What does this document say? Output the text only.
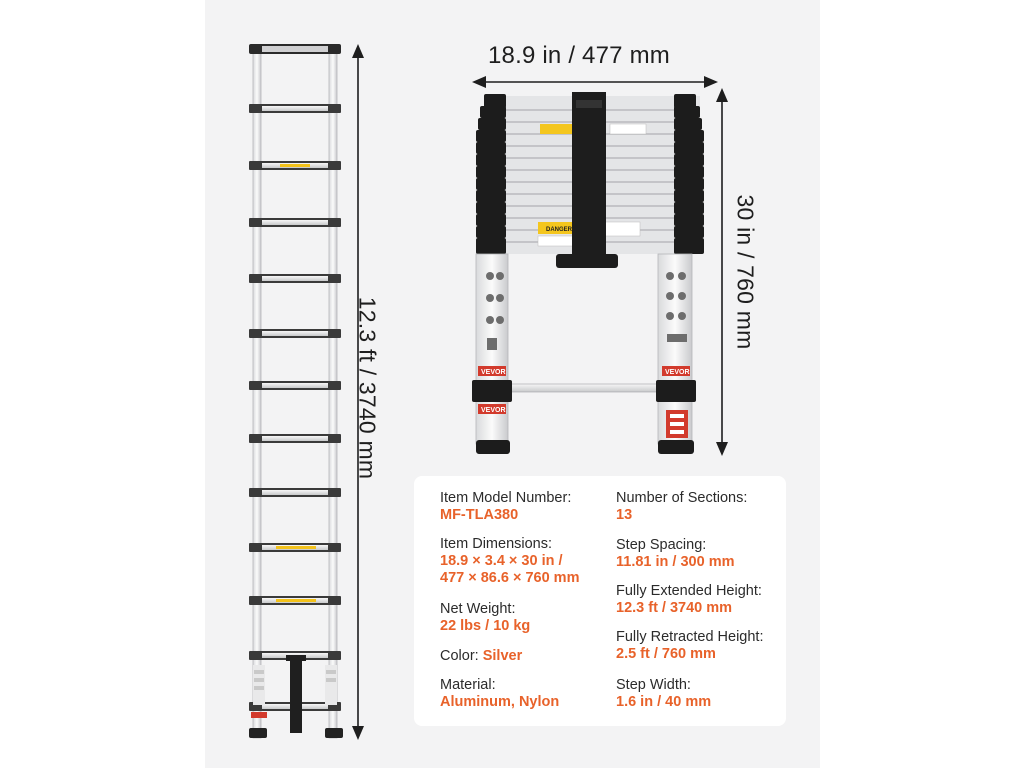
DANGER
VEVOR	VEVOR
VEVOR
18.9 in / 477 mm
12.3 ft / 3740 mm
30 in / 760 mm
Item Model Number:
MF-TLA380
Item Dimensions:
18.9 × 3.4 × 30 in /
477 × 86.6 × 760 mm
Net Weight:
22 lbs / 10 kg
Color: Silver
Material:
Aluminum, Nylon
Number of Sections:
13
Step Spacing:
11.81 in / 300 mm
Fully Extended Height:
12.3 ft / 3740 mm
Fully Retracted Height:
2.5 ft / 760 mm
Step Width:
1.6 in / 40 mm
